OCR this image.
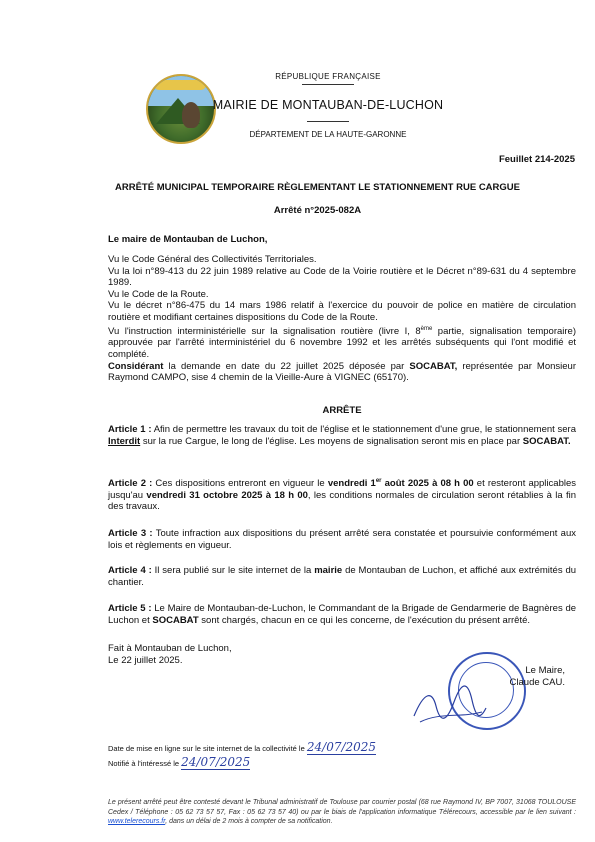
RÉPUBLIQUE FRANÇAISE
MAIRIE DE MONTAUBAN-DE-LUCHON
DÉPARTEMENT DE LA HAUTE-GARONNE
Feuillet 214-2025
ARRÊTÉ MUNICIPAL TEMPORAIRE RÈGLEMENTANT LE STATIONNEMENT RUE CARGUE
Arrêté n°2025-082A
Le maire de Montauban de Luchon,
Vu le Code Général des Collectivités Territoriales.
Vu la loi n°89-413 du 22 juin 1989 relative au Code de la Voirie routière et le Décret n°89-631 du 4 septembre 1989.
Vu le Code de la Route.
Vu le décret n°86-475 du 14 mars 1986 relatif à l'exercice du pouvoir de police en matière de circulation routière et modifiant certaines dispositions du Code de la Route.
Vu l'instruction interministérielle sur la signalisation routière (livre I, 8ème partie, signalisation temporaire) approuvée par l'arrêté interministériel du 6 novembre 1992 et les arrêtés subséquents qui l'ont modifié et complété.
Considérant la demande en date du 22 juillet 2025 déposée par SOCABAT, représentée par Monsieur Raymond CAMPO, sise 4 chemin de la Vieille-Aure à VIGNEC (65170).
ARRÊTE
Article 1 : Afin de permettre les travaux du toit de l'église et le stationnement d'une grue, le stationnement sera Interdit sur la rue Cargue, le long de l'église. Les moyens de signalisation seront mis en place par SOCABAT.
Article 2 : Ces dispositions entreront en vigueur le vendredi 1er août 2025 à 08 h 00 et resteront applicables jusqu'au vendredi 31 octobre 2025 à 18 h 00, les conditions normales de circulation seront rétablies à la fin des travaux.
Article 3 : Toute infraction aux dispositions du présent arrêté sera constatée et poursuivie conformément aux lois et règlements en vigueur.
Article 4 : Il sera publié sur le site internet de la mairie de Montauban de Luchon, et affiché aux extrémités du chantier.
Article 5 : Le Maire de Montauban-de-Luchon, le Commandant de la Brigade de Gendarmerie de Bagnères de Luchon et SOCABAT sont chargés, chacun en ce qui les concerne, de l'exécution du présent arrêté.
Fait à Montauban de Luchon,
Le 22 juillet 2025.
Le Maire,
Claude CAU.
Date de mise en ligne sur le site internet de la collectivité le 24/07/2025
Notifié à l'intéressé le 24/07/2025
Le présent arrêté peut être contesté devant le Tribunal administratif de Toulouse par courrier postal (68 rue Raymond IV, BP 7007, 31068 TOULOUSE Cedex / Téléphone : 05 62 73 57 57, Fax : 05 62 73 57 40) ou par le biais de l'application informatique Télérecours, accessible par le lien suivant : www.telerecours.fr, dans un délai de 2 mois à compter de sa notification.
